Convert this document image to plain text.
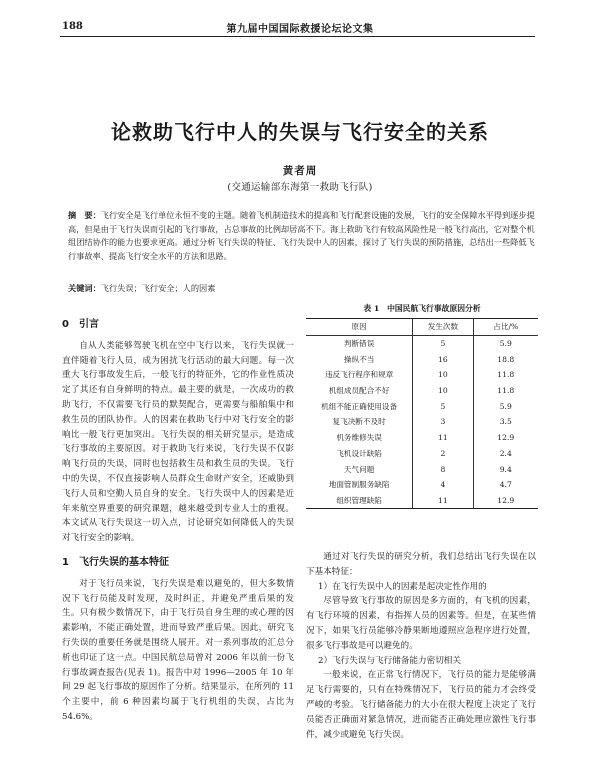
188	第九届中国国际救援论坛论文集
论救助飞行中人的失误与飞行安全的关系
黄者周
(交通运输部东海第一救助飞行队)
摘　要：飞行安全是飞行单位永恒不变的主题。随着飞机制造技术的提高和飞行配套设施的发展，飞行的安全保障水平得到逐步提高，但是由于飞行失误而引起的飞行事故，占总事故的比例却居高不下。海上救助飞行有较高风险性是一般飞行高出，它对整个机组团结协作的能力也要求更高。通过分析飞行失误的特征、飞行失误中人的因素，探讨了飞行失误的预防措施，总结出一些降低飞行事故率、提高飞行安全水平的方法和思路。
关键词：飞行失误；飞行安全；人的因素
0　引言

自从人类能够驾驶飞机在空中飞行以来，飞行失误就一直伴随着飞行人员，成为困扰飞行活动的最大问题。每一次重大飞行事故发生后，一般飞行的特征外，它的作业性质决定了其还有自身鲜明的特点。最主要的就是，一次成功的救助飞行，不仅需要飞行员的默契配合，更需要与船舶集中和救生员的团队协作。人的因素在救助飞行中对飞行安全的影响比一般飞行更加突出。飞行失误的相关研究显示，是造成飞行事故的主要原因。对于救助飞行来说，飞行失误不仅影响飞行员的失误，同时也包括救生员和救生员的失误。飞行中的失误，不仅直接影响人员群众生命财产安全，还威胁到飞行人员和空勤人员自身的安全。飞行失误中人的因素是近年来航空界重要的研究课题，越来越受到专业人士的重视。本文试从飞行失误这一切入点，讨论研究如何降低人的失误对飞行安全的影响。

1　飞行失误的基本特征

对于飞行员来说，飞行失误是难以避免的，但大多数情况下飞行员能及时发现，及时纠正，并避免严重后果的发生。只有极少数情况下，由于飞行员自身生理的或心理的因素影响，不能正确处置，进而导致严重后果。因此，研究飞行失误的重要任务就是围绕人展开。对一系列事故的汇总分析也印证了这一点。中国民航总局曾对 2006 年以前一份飞行事故调查报告(见表 1)。报告中对 1996—2005 年 10 年间 29 起飞行事故的原因作了分析。结果显示，在所列的 11 个主要中，前 6 种因素均属于飞行机组的失误，占比为 54.6%。

表 1　中国民航飞行事故原因分析
原因	发生次数	占比/%
判断错误	5	5.9
操纵不当	16	18.8
违反飞行程序和规章	10	11.8
机组成员配合不好	10	11.8
机组不能正确使用设备	5	5.9
复飞决断不及时	3	3.5
机务维修失误	11	12.9
飞机设计缺陷	2	2.4
天气问题	8	9.4
地面管制服务缺陷	4	4.7
组织管理缺陷	11	12.9

通过对飞行失误的研究分析，我们总结出飞行失误在以下基本特征：

1）在飞行失误中人的因素是起决定性作用的

尽管导致飞行事故的原因是多方面的，有飞机的因素，有飞行环境的因素，有指挥人员的因素等。但是，在某些情况下，如果飞行员能够冷静果断地遵照应急程序进行处置，很多飞行事故是可以避免的。

2）飞行失误与飞行储备能力密切相关

一般来说，在正常飞行情况下，飞行员的能力是能够满足飞行需要的，只有在特殊情况下，飞行员的能力才会终受严峻的考验。飞行储备能力的大小在很大程度上决定了飞行员能否正确面对紧急情况，进而能否正确处理应激性飞行事件，减少或避免飞行失误。
